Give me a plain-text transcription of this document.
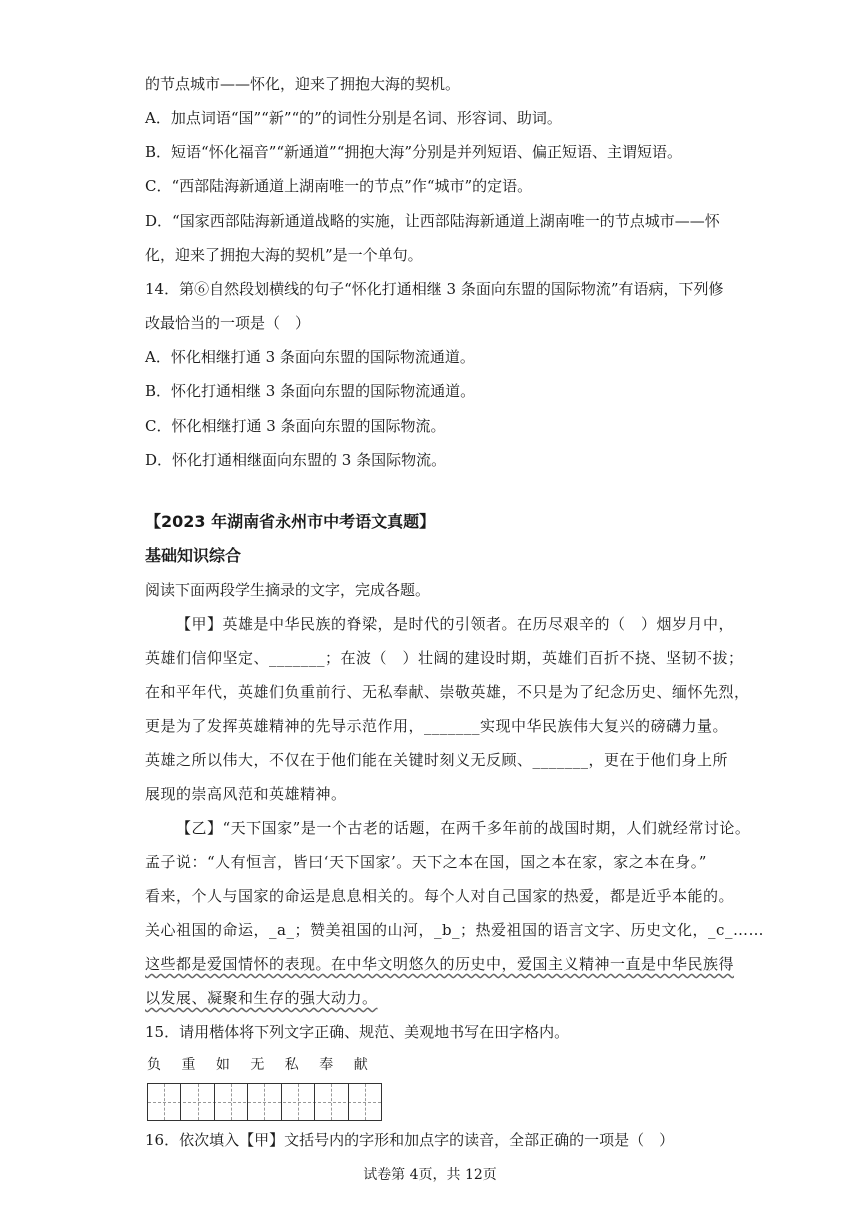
的节点城市——怀化，迎来了拥抱大海的契机。
A．加点词语“国”“新”“的”的词性分别是名词、形容词、助词。
B．短语“怀化福音”“新通道”“拥抱大海”分别是并列短语、偏正短语、主谓短语。
C．“西部陆海新通道上湖南唯一的节点”作“城市”的定语。
D．“国家西部陆海新通道战略的实施，让西部陆海新通道上湖南唯一的节点城市——怀
化，迎来了拥抱大海的契机”是一个单句。
14．第⑥自然段划横线的句子“怀化打通相继 3 条面向东盟的国际物流”有语病，下列修
改最恰当的一项是（　）
A．怀化相继打通 3 条面向东盟的国际物流通道。
B．怀化打通相继 3 条面向东盟的国际物流通道。
C．怀化相继打通 3 条面向东盟的国际物流。
D．怀化打通相继面向东盟的 3 条国际物流。
【2023 年湖南省永州市中考语文真题】
基础知识综合
阅读下面两段学生摘录的文字，完成各题。
【甲】英雄是中华民族的脊梁，是时代的引领者。在历尽艰辛的（　）烟岁月中，
英雄们信仰坚定、_______；在波（　）壮阔的建设时期，英雄们百折不挠、坚韧不拔；
在和平年代，英雄们负重前行、无私奉献、崇敬英雄，不只是为了纪念历史、缅怀先烈，
更是为了发挥英雄精神的先导示范作用，_______实现中华民族伟大复兴的磅礴力量。
英雄之所以伟大，不仅在于他们能在关键时刻义无反顾、_______，更在于他们身上所
展现的崇高风范和英雄精神。
【乙】“天下国家”是一个古老的话题，在两千多年前的战国时期，人们就经常讨论。
孟子说：“人有恒言，皆曰‘天下国家’。天下之本在国，国之本在家，家之本在身。”
看来，个人与国家的命运是息息相关的。每个人对自己国家的热爱，都是近乎本能的。
关心祖国的命运，_a_；赞美祖国的山河，_b_；热爱祖国的语言文字、历史文化，_c_……
这些都是爱国情怀的表现。在中华文明悠久的历史中，爱国主义精神一直是中华民族得
以发展、凝聚和生存的强大动力。
15．请用楷体将下列文字正确、规范、美观地书写在田字格内。
负 重 如 无 私 奉 献
16．依次填入【甲】文括号内的字形和加点字的读音，全部正确的一项是（　）
试卷第 4页，共 12页
